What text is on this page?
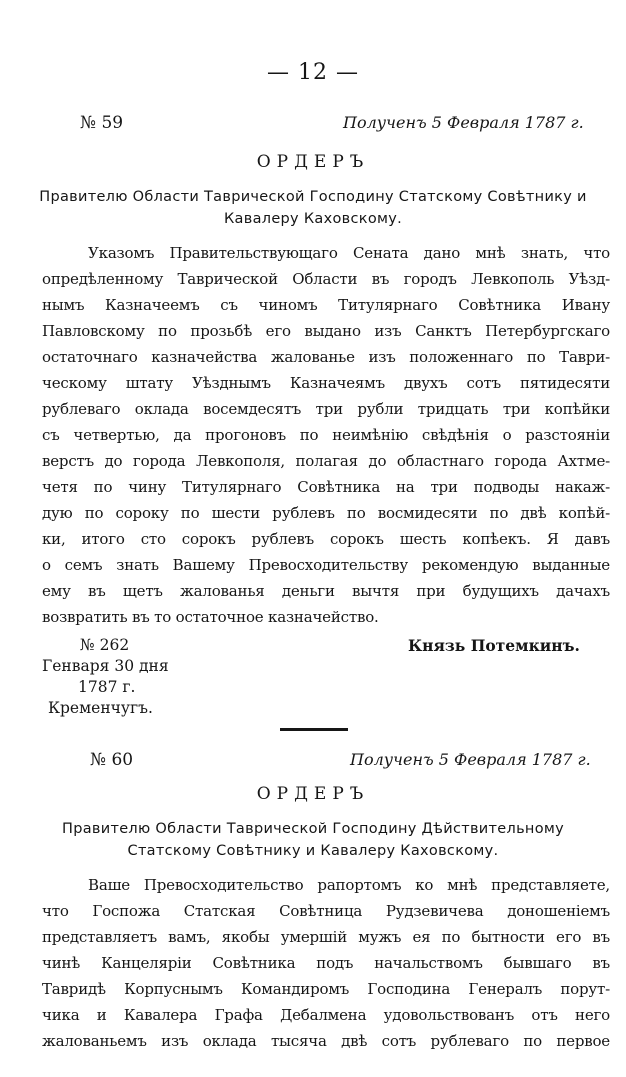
— 12 —
№ 59	Полученъ 5 Февраля 1787 г.
ОРДЕРЪ
Правителю Области Таврической Господину Статскому Совѣтнику и Кавалеру Каховскому.
Указомъ Правительствующаго Сената дано мнѣ знать, что
опредѣленному Таврической Области въ городъ Левкополь Уѣзд-
нымъ Казначеемъ съ чиномъ Титулярнаго Совѣтника Ивану
Павловскому по прозьбѣ его выдано изъ Санктъ Петербургскаго
остаточнаго казначейства жалованье изъ положеннаго по Таври-
ческому штату Уѣзднымъ Казначеямъ двухъ сотъ пятидесяти
рублеваго оклада восемдесятъ три рубли тридцать три копѣйки
съ четвертью, да прогоновъ по неимѣнію свѣдѣнія о разстояніи
верстъ до города Левкополя, полагая до областнаго города Ахтме-
четя по чину Титулярнаго Совѣтника на три подводы накаж-
дую по сороку по шести рублевъ по восмидесяти по двѣ копѣй-
ки, итого сто сорокъ рублевъ сорокъ шесть копѣекъ. Я давъ
о семъ знать Вашему Превосходительству рекомендую выданные
ему въ щетъ жалованья деньги вычтя при будущихъ дачахъ
возвратить въ то остаточное казначейство.
№ 262	Князь Потемкинъ.
Генваря 30 дня
1787 г.
Кременчугъ.
№ 60	Полученъ 5 Февраля 1787 г.
ОРДЕРЪ
Правителю Области Таврической Господину Дѣйствительному Статскому Совѣтнику и Кавалеру Каховскому.
Ваше Превосходительство рапортомъ ко мнѣ представляете,
что Госпожа Статская Совѣтница Рудзевичева доношеніемъ
представляетъ вамъ, якобы умершій мужъ ея по бытности его въ
чинѣ Канцеляріи Совѣтника подъ начальствомъ бывшаго въ
Тавридѣ Корпуснымъ Командиромъ Господина Генералъ порут-
чика и Кавалера Графа Дебалмена удовольствованъ отъ него
жалованьемъ изъ оклада тысяча двѣ сотъ рублеваго по первое
